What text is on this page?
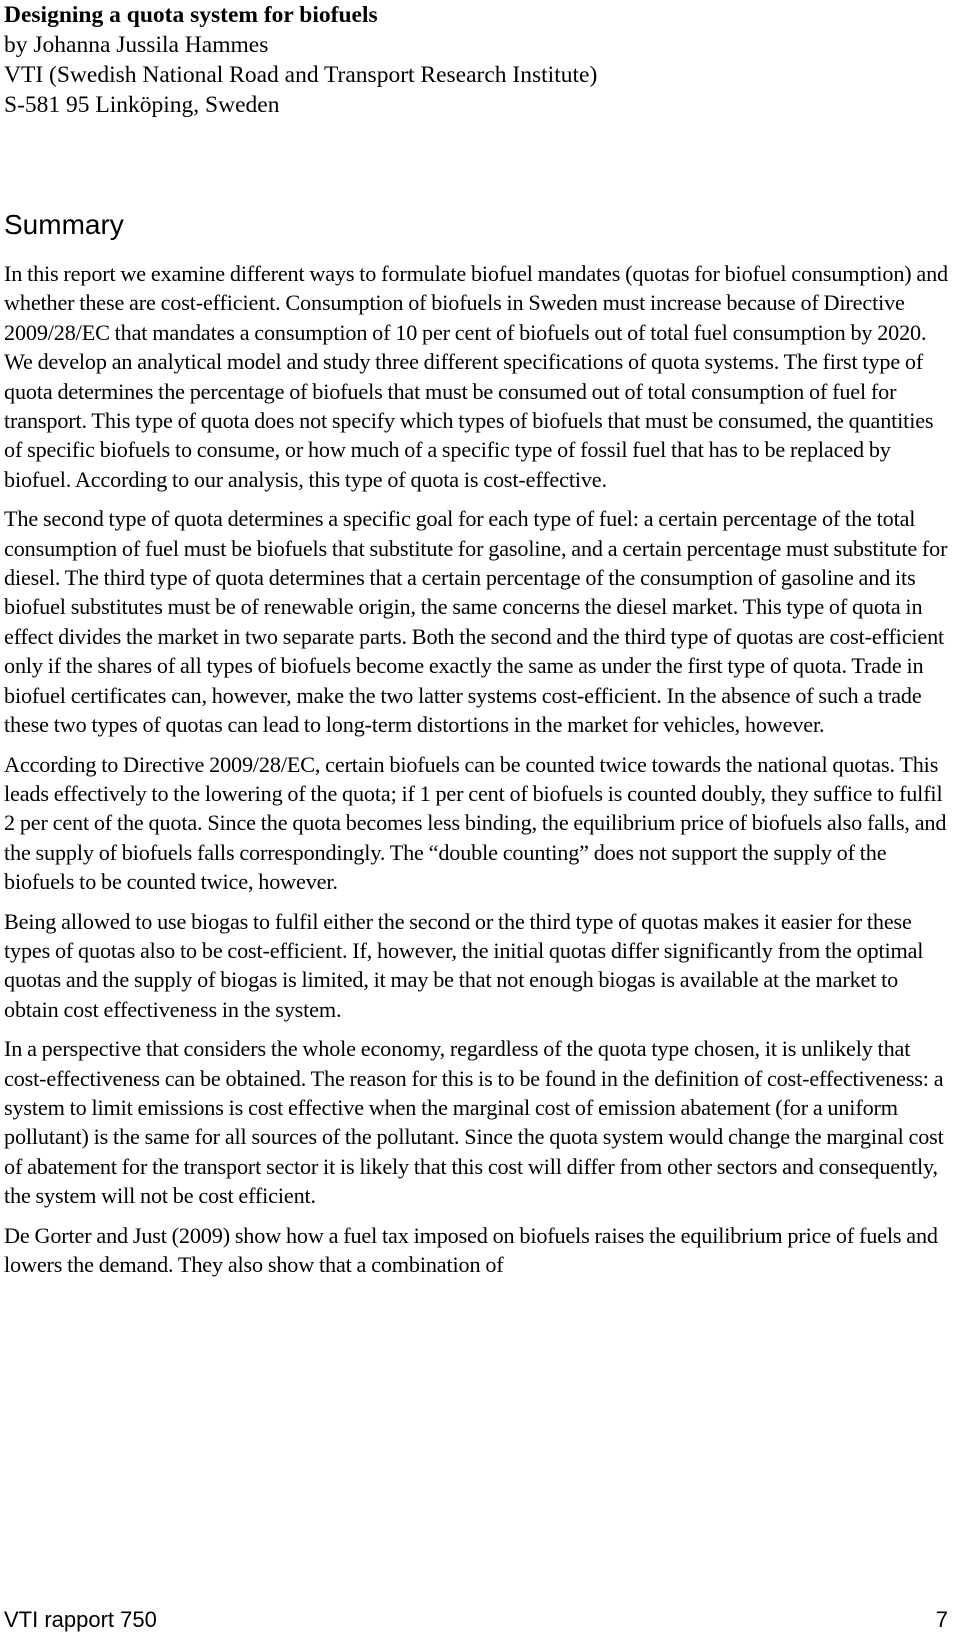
Designing a quota system for biofuels
by Johanna Jussila Hammes
VTI (Swedish National Road and Transport Research Institute)
S-581 95 Linköping, Sweden
Summary

In this report we examine different ways to formulate biofuel mandates (quotas for biofuel consumption) and whether these are cost-efficient. Consumption of biofuels in Sweden must increase because of Directive 2009/28/EC that mandates a consumption of 10 per cent of biofuels out of total fuel consumption by 2020. We develop an analytical model and study three different specifications of quota systems. The first type of quota determines the percentage of biofuels that must be consumed out of total consumption of fuel for transport. This type of quota does not specify which types of biofuels that must be consumed, the quantities of specific biofuels to consume, or how much of a specific type of fossil fuel that has to be replaced by biofuel. According to our analysis, this type of quota is cost-effective.

The second type of quota determines a specific goal for each type of fuel: a certain percentage of the total consumption of fuel must be biofuels that substitute for gasoline, and a certain percentage must substitute for diesel. The third type of quota determines that a certain percentage of the consumption of gasoline and its biofuel substitutes must be of renewable origin, the same concerns the diesel market. This type of quota in effect divides the market in two separate parts. Both the second and the third type of quotas are cost-efficient only if the shares of all types of biofuels become exactly the same as under the first type of quota. Trade in biofuel certificates can, however, make the two latter systems cost-efficient. In the absence of such a trade these two types of quotas can lead to long-term distortions in the market for vehicles, however.

According to Directive 2009/28/EC, certain biofuels can be counted twice towards the national quotas. This leads effectively to the lowering of the quota; if 1 per cent of biofuels is counted doubly, they suffice to fulfil 2 per cent of the quota. Since the quota becomes less binding, the equilibrium price of biofuels also falls, and the supply of biofuels falls correspondingly. The “double counting” does not support the supply of the biofuels to be counted twice, however.

Being allowed to use biogas to fulfil either the second or the third type of quotas makes it easier for these types of quotas also to be cost-efficient. If, however, the initial quotas differ significantly from the optimal quotas and the supply of biogas is limited, it may be that not enough biogas is available at the market to obtain cost effectiveness in the system.

In a perspective that considers the whole economy, regardless of the quota type chosen, it is unlikely that cost-effectiveness can be obtained. The reason for this is to be found in the definition of cost-effectiveness: a system to limit emissions is cost effective when the marginal cost of emission abatement (for a uniform pollutant) is the same for all sources of the pollutant. Since the quota system would change the marginal cost of abatement for the transport sector it is likely that this cost will differ from other sectors and consequently, the system will not be cost efficient.

De Gorter and Just (2009) show how a fuel tax imposed on biofuels raises the equilibrium price of fuels and lowers the demand. They also show that a combination of

VTI rapport 750	7
